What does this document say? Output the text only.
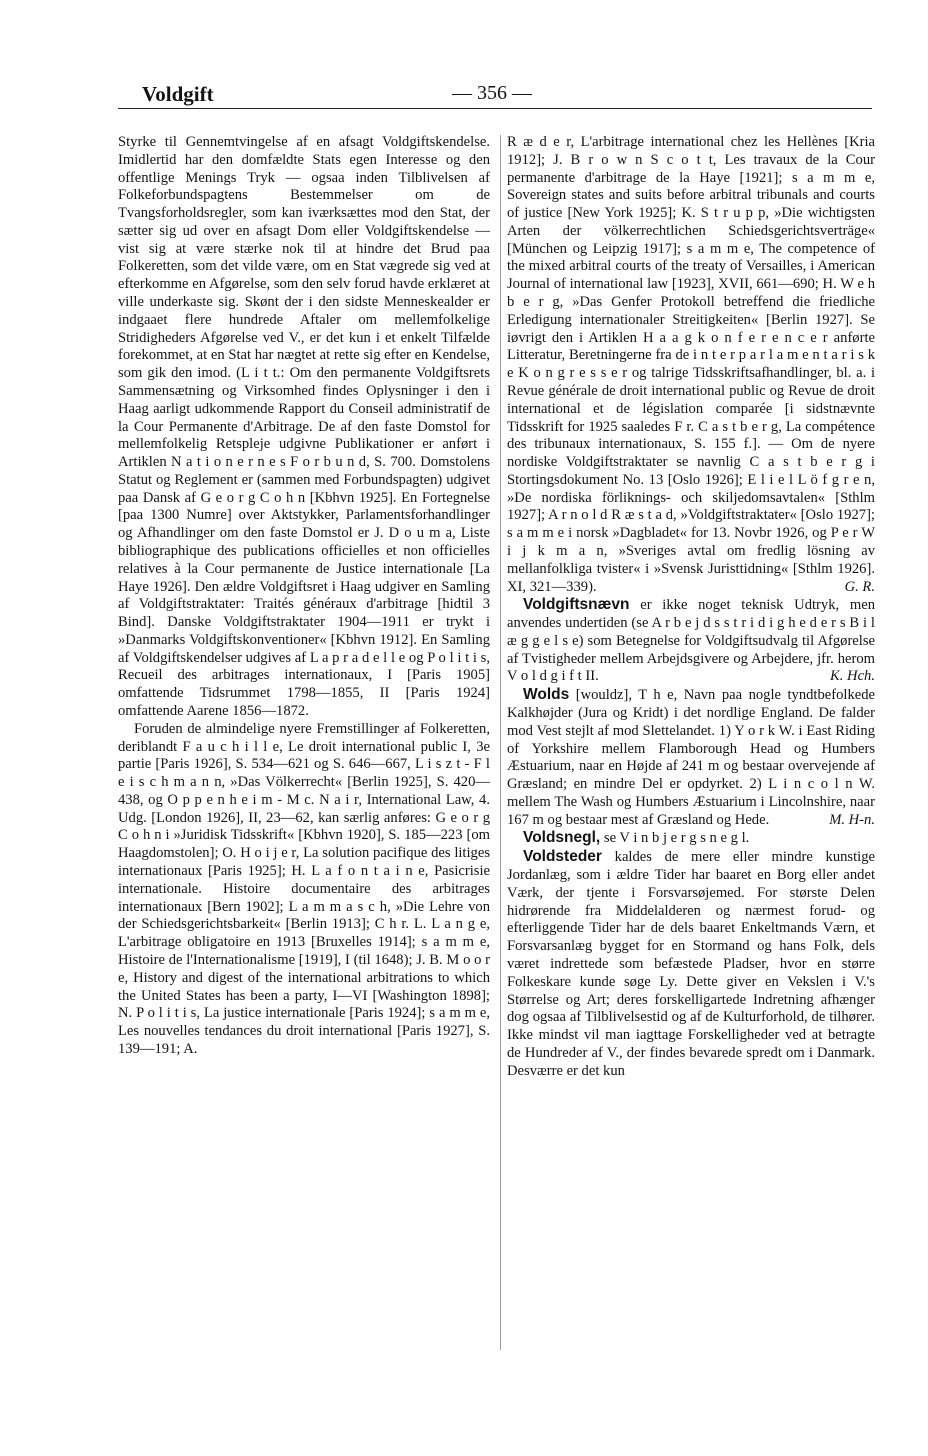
Voldgift	— 356 —

Styrke til Gennemtvingelse af en afsagt Voldgiftskendelse. Imidlertid har den domfældte Stats egen Interesse og den offentlige Menings Tryk — ogsaa inden Tilblivelsen af Folkeforbundspagtens Bestemmelser om de Tvangsforholdsregler, som kan iværksættes mod den Stat, der sætter sig ud over en afsagt Dom eller Voldgiftskendelse — vist sig at være stærke nok til at hindre det Brud paa Folkeretten, som det vilde være, om en Stat vægrede sig ved at efterkomme en Afgørelse, som den selv forud havde erklæret at ville underkaste sig. Skønt der i den sidste Menneskealder er indgaaet flere hundrede Aftaler om mellemfolkelige Stridigheders Afgørelse ved V., er det kun i et enkelt Tilfælde forekommet, at en Stat har nægtet at rette sig efter en Kendelse, som gik den imod. (L i t t.: Om den permanente Voldgiftsrets Sammensætning og Virksomhed findes Oplysninger i den i Haag aarligt udkommende Rapport du Conseil administratif de la Cour Permanente d'Arbitrage. De af den faste Domstol for mellemfolkelig Retspleje udgivne Publikationer er anført i Artiklen N a t i o n e r n e s F o r b u n d, S. 700. Domstolens Statut og Reglement er (sammen med Forbundspagten) udgivet paa Dansk af G e o r g C o h n [Kbhvn 1925]. En Fortegnelse [paa 1300 Numre] over Aktstykker, Parlamentsforhandlinger og Afhandlinger om den faste Domstol er J. D o u m a, Liste bibliographique des publications officielles et non officielles relatives à la Cour permanente de Justice internationale [La Haye 1926]. Den ældre Voldgiftsret i Haag udgiver en Samling af Voldgiftstraktater: Traités généraux d'arbitrage [hidtil 3 Bind]. Danske Voldgiftstraktater 1904—1911 er trykt i »Danmarks Voldgiftskonventioner« [Kbhvn 1912]. En Samling af Voldgiftskendelser udgives af L a p r a d e l l e og P o l i t i s, Recueil des arbitrages internationaux, I [Paris 1905] omfattende Tidsrummet 1798—1855, II [Paris 1924] omfattende Aarene 1856—1872.

Foruden de almindelige nyere Fremstillinger af Folkeretten, deriblandt F a u c h i l l e, Le droit international public I, 3e partie [Paris 1926], S. 534—621 og S. 646—667, L i s z t - F l e i s c h m a n n, »Das Völkerrecht« [Berlin 1925], S. 420—438, og O p p e n h e i m - M c. N a i r, International Law, 4. Udg. [London 1926], II, 23—62, kan særlig anføres: G e o r g C o h n i »Juridisk Tidsskrift« [Kbhvn 1920], S. 185—223 [om Haagdomstolen]; O. H o i j e r, La solution pacifique des litiges internationaux [Paris 1925]; H. L a f o n t a i n e, Pasicrisie internationale. Histoire documentaire des arbitrages internationaux [Bern 1902]; L a m m a s c h, »Die Lehre von der Schiedsgerichtsbarkeit« [Berlin 1913]; C h r. L. L a n g e, L'arbitrage obligatoire en 1913 [Bruxelles 1914]; s a m m e, Histoire de l'Internationalisme [1919], I (til 1648); J. B. M o o r e, History and digest of the international arbitrations to which the United States has been a party, I—VI [Washington 1898]; N. P o l i t i s, La justice internationale [Paris 1924]; s a m m e, Les nouvelles tendances du droit international [Paris 1927], S. 139—191; A.

R æ d e r, L'arbitrage international chez les Hellènes [Kria 1912]; J. B r o w n S c o t t, Les travaux de la Cour permanente d'arbitrage de la Haye [1921]; s a m m e, Sovereign states and suits before arbitral tribunals and courts of justice [New York 1925]; K. S t r u p p, »Die wichtigsten Arten der völkerrechtlichen Schiedsgerichtsverträge« [München og Leipzig 1917]; s a m m e, The competence of the mixed arbitral courts of the treaty of Versailles, i American Journal of international law [1923], XVII, 661—690; H. W e h b e r g, »Das Genfer Protokoll betreffend die friedliche Erledigung internationaler Streitigkeiten« [Berlin 1927]. Se iøvrigt den i Artiklen H a a g k o n f e r e n c e r anførte Litteratur, Beretningerne fra de i n t e r p a r l a m e n t a r i s k e K o n g r e s s e r og talrige Tidsskriftsafhandlinger, bl. a. i Revue générale de droit international public og Revue de droit international et de législation comparée [i sidstnævnte Tidsskrift for 1925 saaledes F r. C a s t b e r g, La compétence des tribunaux internationaux, S. 155 f.]. — Om de nyere nordiske Voldgiftstraktater se navnlig C a s t b e r g i Stortingsdokument No. 13 [Oslo 1926]; E l i e l L ö f g r e n, »De nordiska förliknings- och skiljedomsavtalen« [Sthlm 1927]; A r n o l d R æ s t a d, »Voldgiftstraktater« [Oslo 1927]; s a m m e i norsk »Dagbladet« for 13. Novbr 1926, og P e r W i j k m a n, »Sveriges avtal om fredlig lösning av mellanfolkliga tvister« i »Svensk Juristtidning« [Sthlm 1926]. XI, 321—339).	G. R.

Voldgiftsnævn er ikke noget teknisk Udtryk, men anvendes undertiden (se A r b e j d s s t r i d i g h e d e r s B i l æ g g e l s e) som Betegnelse for Voldgiftsudvalg til Afgørelse af Tvistigheder mellem Arbejdsgivere og Arbejdere, jfr. herom V o l d g i f t II.	K. Hch.

Wolds [wouldz], T h e, Navn paa nogle tyndtbefolkede Kalkhøjder (Jura og Kridt) i det nordlige England. De falder mod Vest stejlt af mod Slettelandet. 1) Y o r k W. i East Riding of Yorkshire mellem Flamborough Head og Humbers Æstuarium, naar en Højde af 241 m og bestaar overvejende af Græsland; en mindre Del er opdyrket. 2) L i n c o l n W. mellem The Wash og Humbers Æstuarium i Lincolnshire, naar 167 m og bestaar mest af Græsland og Hede.	M. H-n.

Voldsnegl, se V i n b j e r g s n e g l.

Voldsteder kaldes de mere eller mindre kunstige Jordanlæg, som i ældre Tider har baaret en Borg eller andet Værk, der tjente i Forsvarsøjemed. For største Delen hidrørende fra Middelalderen og nærmest forud- og efterliggende Tider har de dels baaret Enkeltmands Værn, et Forsvarsanlæg bygget for en Stormand og hans Folk, dels været indrettede som befæstede Pladser, hvor en større Folkeskare kunde søge Ly. Dette giver en Vekslen i V.'s Størrelse og Art; deres forskelligartede Indretning afhænger dog ogsaa af Tilblivelsestid og af de Kulturforhold, de tilhører. Ikke mindst vil man iagttage Forskelligheder ved at betragte de Hundreder af V., der findes bevarede spredt om i Danmark. Desværre er det kun
